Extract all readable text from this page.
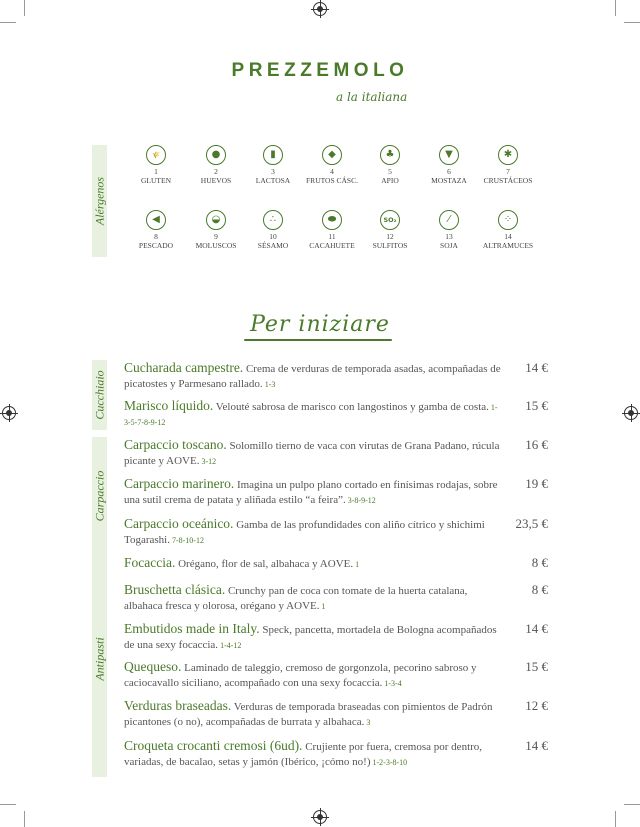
PREZZEMOLO
a la italiana
Alérgenos
🌾
1
GLUTEN
●
2
HUEVOS
▮
3
LACTOSA
◆
4
FRUTOS CÁSC.
♣
5
APIO
▼
6
MOSTAZA
✱
7
CRUSTÁCEOS
◀
8
PESCADO
◒
9
MOLUSCOS
∴
10
SÉSAMO
⬬
11
CACAHUETE
SO₂
12
SULFITOS
⁄
13
SOJA
⁘
14
ALTRAMUCES
Per iniziare
Cucchiaio
Cucharada campestre. Crema de verduras de temporada asadas, acompañadas de picatostes y Parmesano rallado. 1-3
14 €
Marisco líquido. Velouté sabrosa de marisco con langostinos y gamba de costa. 1-3-5-7-8-9-12
15 €
Carpaccio
Carpaccio toscano. Solomillo tierno de vaca con virutas de Grana Padano, rúcula picante y AOVE. 3-12
16 €
Carpaccio marinero. Imagina un pulpo plano cortado en finísimas rodajas, sobre una sutil crema de patata y aliñada estilo “a feira”. 3-8-9-12
19 €
Carpaccio oceánico. Gamba de las profundidades con aliño cítrico y shichimi Togarashi. 7-8-10-12
23,5 €
Antipasti
Focaccia. Orégano, flor de sal, albahaca y AOVE. 1	8 €
Bruschetta clásica. Crunchy pan de coca con tomate de la huerta catalana, albahaca fresca y olorosa, orégano y AOVE. 1
8 €
Embutidos made in Italy. Speck, pancetta, mortadela de Bologna acompañados de una sexy focaccia. 1-4-12
14 €
Quequeso. Laminado de taleggio, cremoso de gorgonzola, pecorino sabroso y caciocavallo siciliano, acompañado con una sexy focaccia. 1-3-4
15 €
Verduras braseadas. Verduras de temporada braseadas con pimientos de Padrón picantones (o no), acompañadas de burrata y albahaca. 3
12 €
Croqueta crocanti cremosi (6ud). Crujiente por fuera, cremosa por dentro, variadas, de bacalao, setas y jamón (Ibérico, ¡cómo no!) 1-2-3-8-10
14 €
